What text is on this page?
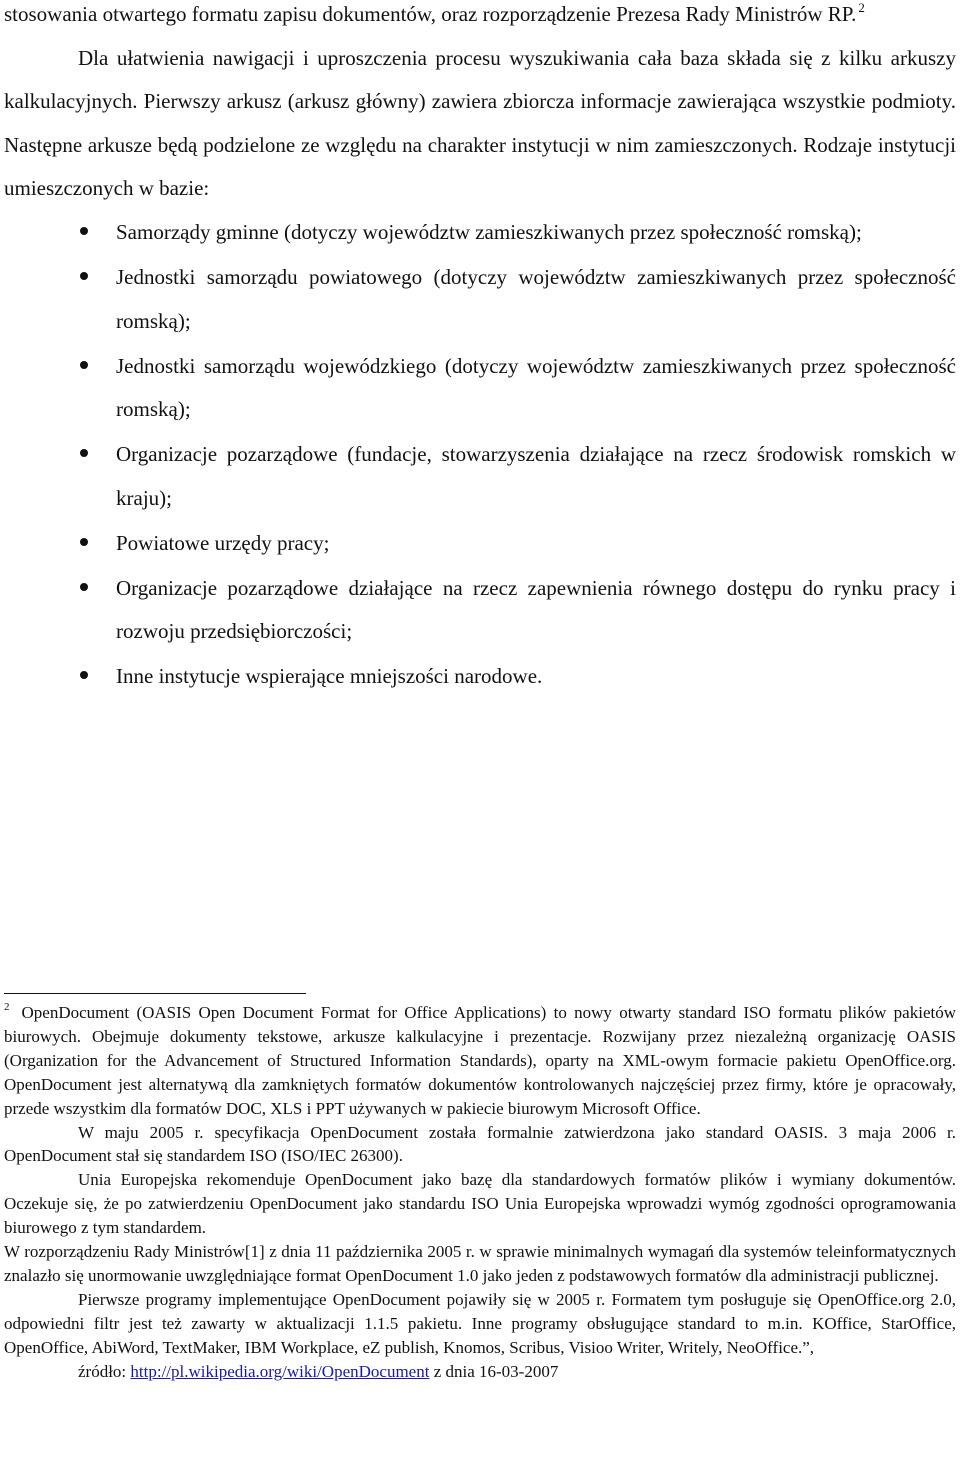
stosowania otwartego formatu zapisu dokumentów, oraz rozporządzenie Prezesa Rady Ministrów RP. $^2$

Dla ułatwienia nawigacji i uproszczenia procesu wyszukiwania cała baza składa się z kilku arkuszy kalkulacyjnych. Pierwszy arkusz (arkusz główny) zawiera zbiorcza informacje zawierająca wszystkie podmioty. Następne arkusze będą podzielone ze względu na charakter instytucji w nim zamieszczonych. Rodzaje instytucji umieszczonych w bazie:

Samorządy gminne (dotyczy województw zamieszkiwanych przez społeczność romską);
Jednostki samorządu powiatowego (dotyczy województw zamieszkiwanych przez społeczność romską);
Jednostki samorządu wojewódzkiego (dotyczy województw zamieszkiwanych przez społeczność romską);
Organizacje pozarządowe (fundacje, stowarzyszenia działające na rzecz środowisk romskich w kraju);
Powiatowe urzędy pracy;
Organizacje pozarządowe działające na rzecz zapewnienia równego dostępu do rynku pracy i rozwoju przedsiębiorczości;
Inne instytucje wspierające mniejszości narodowe.

$^2$ OpenDocument (OASIS Open Document Format for Office Applications) to nowy otwarty standard ISO formatu plików pakietów biurowych. Obejmuje dokumenty tekstowe, arkusze kalkulacyjne i prezentacje. Rozwijany przez niezależną organizację OASIS (Organization for the Advancement of Structured Information Standards), oparty na XML-owym formacie pakietu OpenOffice.org. OpenDocument jest alternatywą dla zamkniętych formatów dokumentów kontrolowanych najczęściej przez firmy, które je opracowały, przede wszystkim dla formatów DOC, XLS i PPT używanych w pakiecie biurowym Microsoft Office.

W maju 2005 r. specyfikacja OpenDocument została formalnie zatwierdzona jako standard OASIS. 3 maja 2006 r. OpenDocument stał się standardem ISO (ISO/IEC 26300).

Unia Europejska rekomenduje OpenDocument jako bazę dla standardowych formatów plików i wymiany dokumentów. Oczekuje się, że po zatwierdzeniu OpenDocument jako standardu ISO Unia Europejska wprowadzi wymóg zgodności oprogramowania biurowego z tym standardem.

W rozporządzeniu Rady Ministrów[1] z dnia 11 października 2005 r. w sprawie minimalnych wymagań dla systemów teleinformatycznych znalazło się unormowanie uwzględniające format OpenDocument 1.0 jako jeden z podstawowych formatów dla administracji publicznej.

Pierwsze programy implementujące OpenDocument pojawiły się w 2005 r. Formatem tym posługuje się OpenOffice.org 2.0, odpowiedni filtr jest też zawarty w aktualizacji 1.1.5 pakietu. Inne programy obsługujące standard to m.in. KOffice, StarOffice, OpenOffice, AbiWord, TextMaker, IBM Workplace, eZ publish, Knomos, Scribus, Visioo Writer, Writely, NeoOffice.”,

źródło: http://pl.wikipedia.org/wiki/OpenDocument z dnia 16-03-2007
